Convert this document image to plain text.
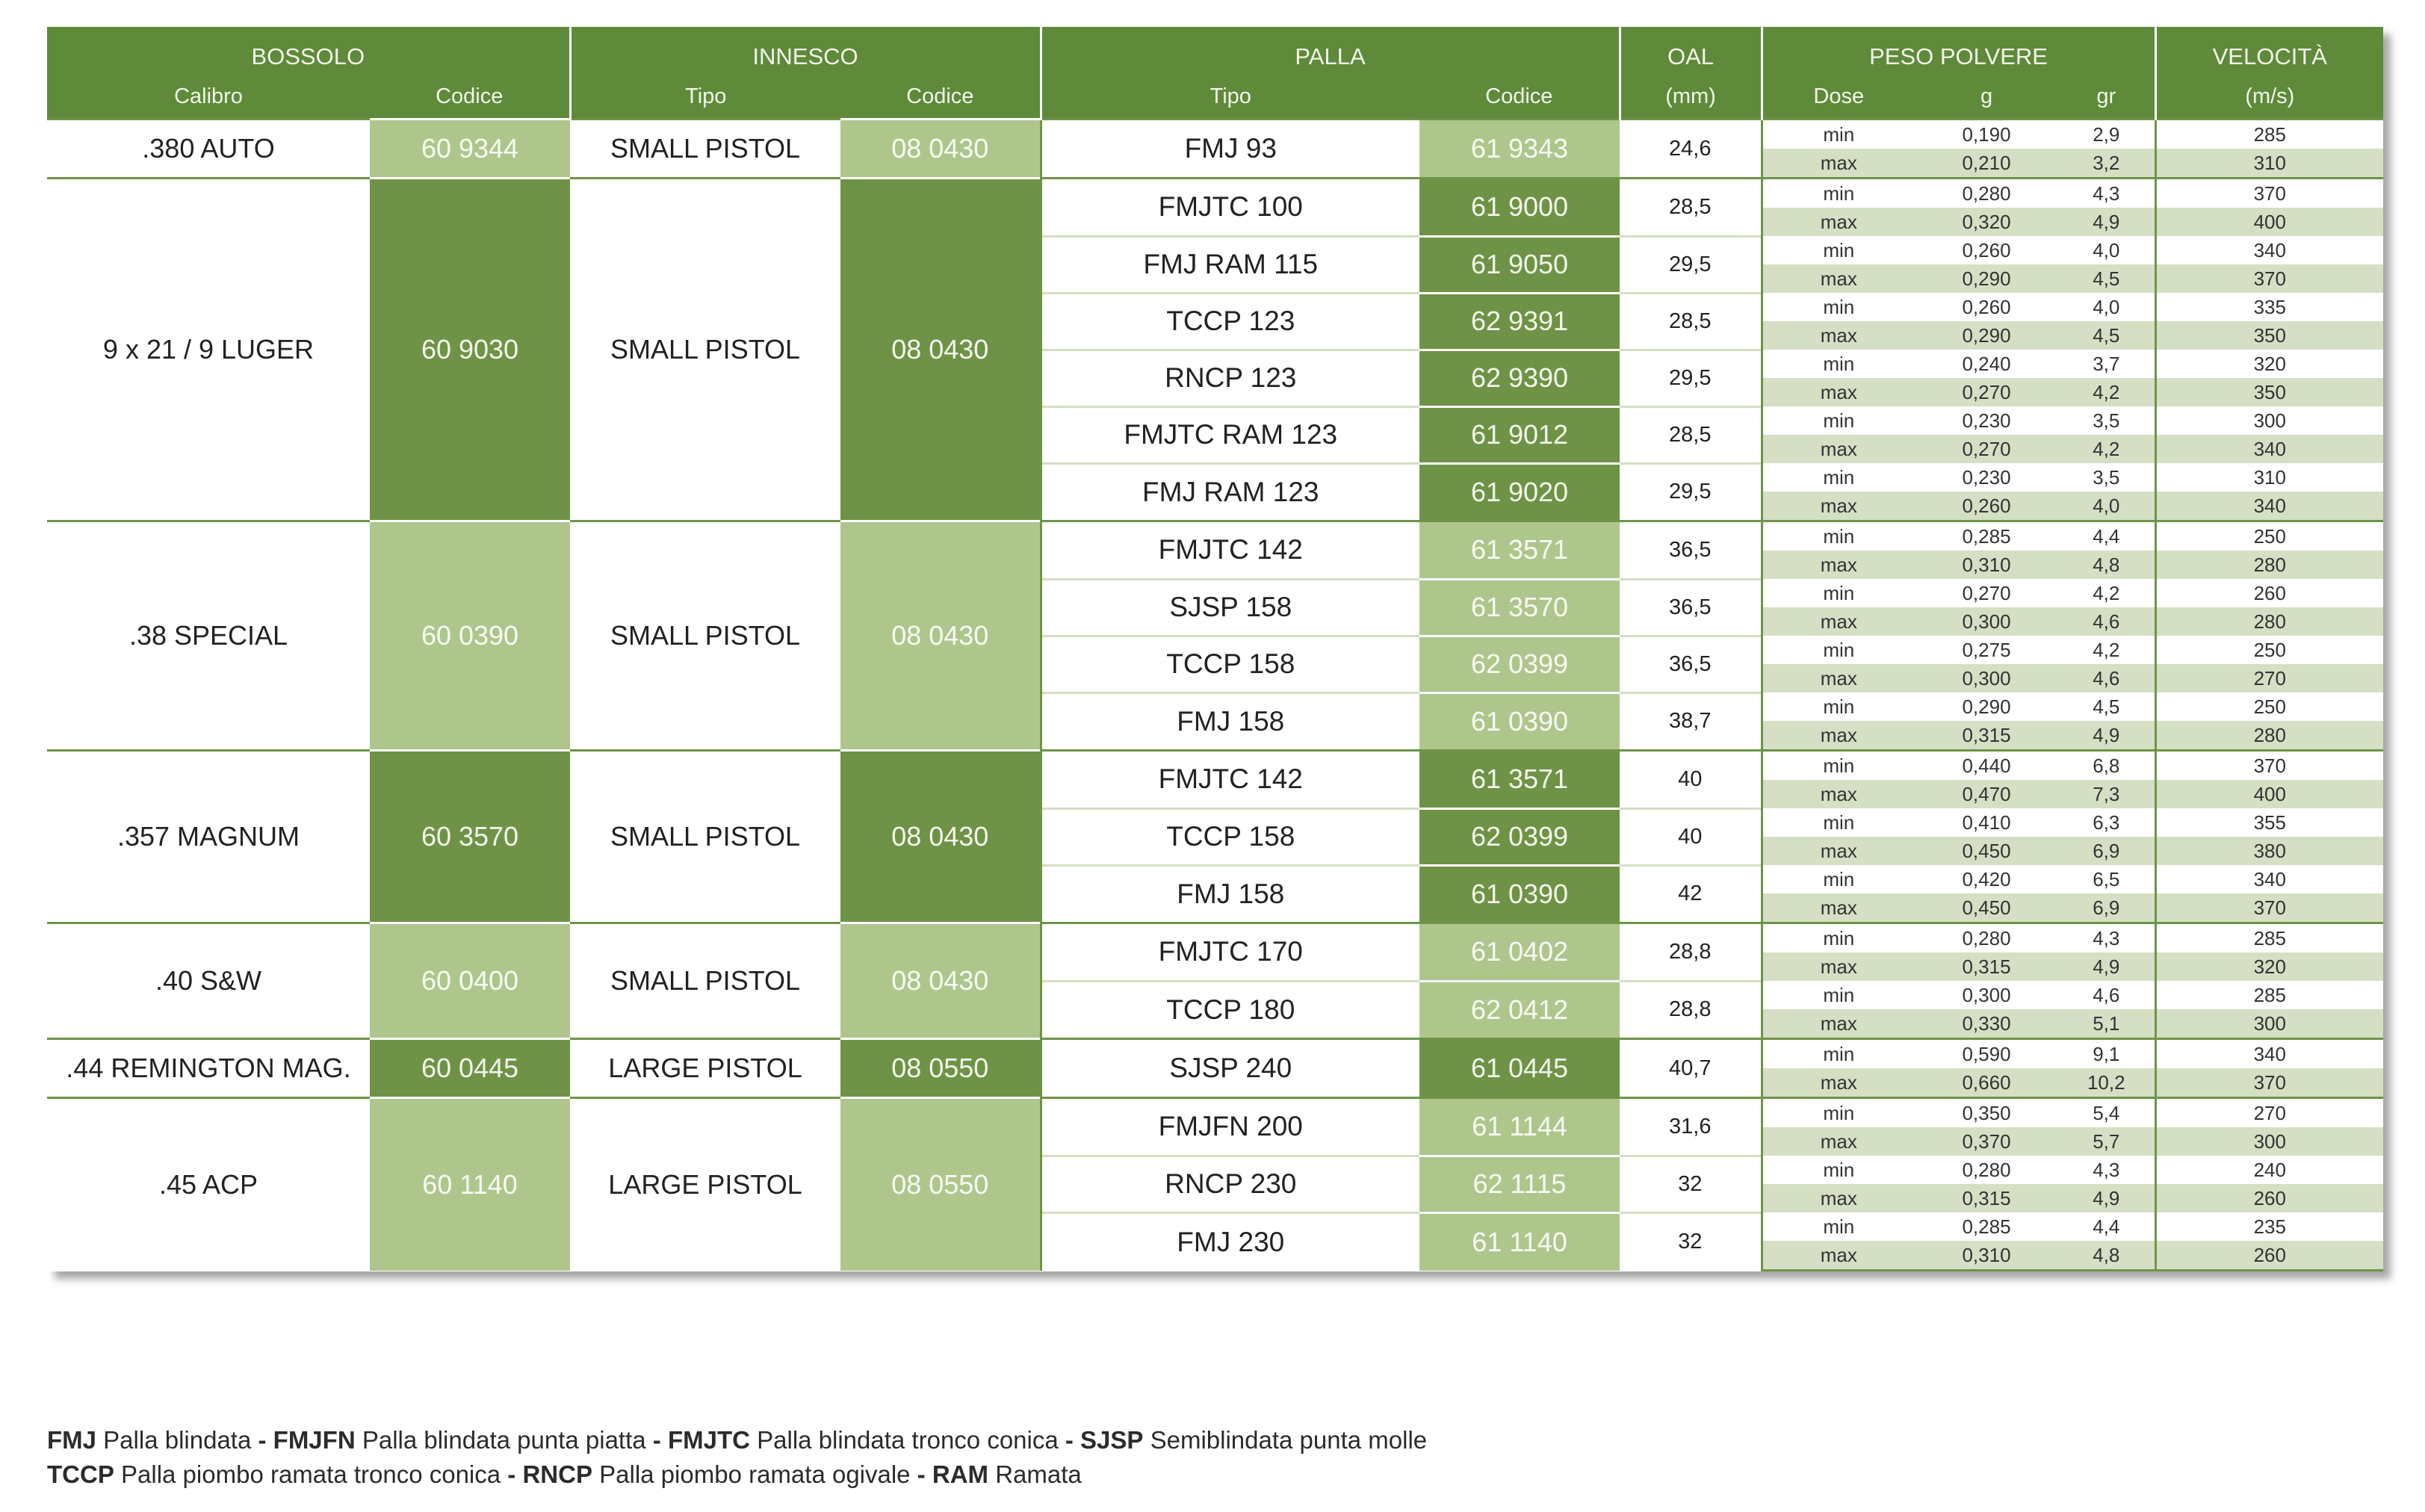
BOSSOLO		INNESCO		PALLA		OAL	PESO POLVERE			VELOCITÀ
Calibro	Codice	Tipo	Codice	Tipo	Codice	(mm)	Dose	g	gr	(m/s)
.380 AUTO	60 9344	SMALL PISTOL	08 0430	FMJ 93	61 9343	24,6	min	0,190	2,9	285
							max	0,210	3,2	310
9 x 21 / 9 LUGER	60 9030	SMALL PISTOL	08 0430	FMJTC 100	61 9000	28,5	min	0,280	4,3	370
							max	0,320	4,9	400
				FMJ RAM 115	61 9050	29,5	min	0,260	4,0	340
							max	0,290	4,5	370
				TCCP 123	62 9391	28,5	min	0,260	4,0	335
							max	0,290	4,5	350
				RNCP 123	62 9390	29,5	min	0,240	3,7	320
							max	0,270	4,2	350
				FMJTC RAM 123	61 9012	28,5	min	0,230	3,5	300
							max	0,270	4,2	340
				FMJ RAM 123	61 9020	29,5	min	0,230	3,5	310
							max	0,260	4,0	340
.38 SPECIAL	60 0390	SMALL PISTOL	08 0430	FMJTC 142	61 3571	36,5	min	0,285	4,4	250
							max	0,310	4,8	280
				SJSP 158	61 3570	36,5	min	0,270	4,2	260
							max	0,300	4,6	280
				TCCP 158	62 0399	36,5	min	0,275	4,2	250
							max	0,300	4,6	270
				FMJ 158	61 0390	38,7	min	0,290	4,5	250
							max	0,315	4,9	280
.357 MAGNUM	60 3570	SMALL PISTOL	08 0430	FMJTC 142	61 3571	40	min	0,440	6,8	370
							max	0,470	7,3	400
				TCCP 158	62 0399	40	min	0,410	6,3	355
							max	0,450	6,9	380
				FMJ 158	61 0390	42	min	0,420	6,5	340
							max	0,450	6,9	370
.40 S&W	60 0400	SMALL PISTOL	08 0430	FMJTC 170	61 0402	28,8	min	0,280	4,3	285
							max	0,315	4,9	320
				TCCP 180	62 0412	28,8	min	0,300	4,6	285
							max	0,330	5,1	300
.44 REMINGTON MAG.	60 0445	LARGE PISTOL	08 0550	SJSP 240	61 0445	40,7	min	0,590	9,1	340
							max	0,660	10,2	370
.45 ACP	60 1140	LARGE PISTOL	08 0550	FMJFN 200	61 1144	31,6	min	0,350	5,4	270
							max	0,370	5,7	300
				RNCP 230	62 1115	32	min	0,280	4,3	240
							max	0,315	4,9	260
				FMJ 230	61 1140	32	min	0,285	4,4	235
							max	0,310	4,8	260
FMJ Palla blindata - FMJFN Palla blindata punta piatta - FMJTC Palla blindata tronco conica - SJSP Semiblindata punta molle
TCCP Palla piombo ramata tronco conica - RNCP Palla piombo ramata ogivale - RAM Ramata
